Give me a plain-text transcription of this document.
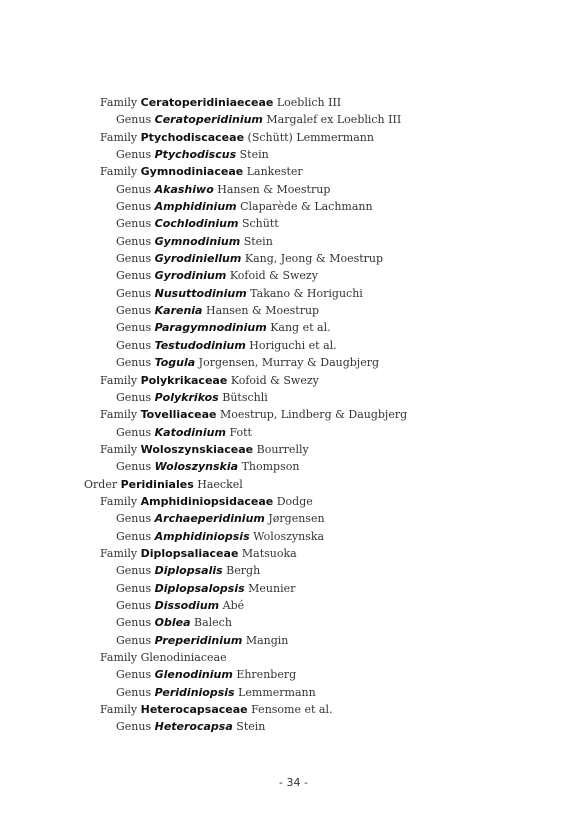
Family Ceratoperidiniaeceae Loeblich III
Genus Ceratoperidinium Margalef ex Loeblich III
Family Ptychodiscaceae (Schütt) Lemmermann
Genus Ptychodiscus Stein
Family Gymnodiniaceae Lankester
Genus Akashiwo Hansen & Moestrup
Genus Amphidinium Claparède & Lachmann
Genus Cochlodinium Schütt
Genus Gymnodinium Stein
Genus Gyrodiniellum Kang, Jeong & Moestrup
Genus Gyrodinium Kofoid & Swezy
Genus Nusuttodinium Takano & Horiguchi
Genus Karenia Hansen & Moestrup
Genus Paragymnodinium Kang et al.
Genus Testudodinium Horiguchi et al.
Genus Togula Jorgensen, Murray & Daugbjerg
Family Polykrikaceae Kofoid & Swezy
Genus Polykrikos Bütschli
Family Tovelliaceae Moestrup, Lindberg & Daugbjerg
Genus Katodinium Fott
Family Woloszynskiaceae Bourrelly
Genus Woloszynskia Thompson
Order Peridiniales Haeckel
Family Amphidiniopsidaceae Dodge
Genus Archaeperidinium Jørgensen
Genus Amphidiniopsis Woloszynska
Family Diplopsaliaceae Matsuoka
Genus Diplopsalis Bergh
Genus Diplopsalopsis Meunier
Genus Dissodium Abé
Genus Oblea Balech
Genus Preperidinium Mangin
Family Glenodiniaceae
Genus Glenodinium Ehrenberg
Genus Peridiniopsis Lemmermann
Family Heterocapsaceae Fensome et al.
Genus Heterocapsa Stein
- 34 -
